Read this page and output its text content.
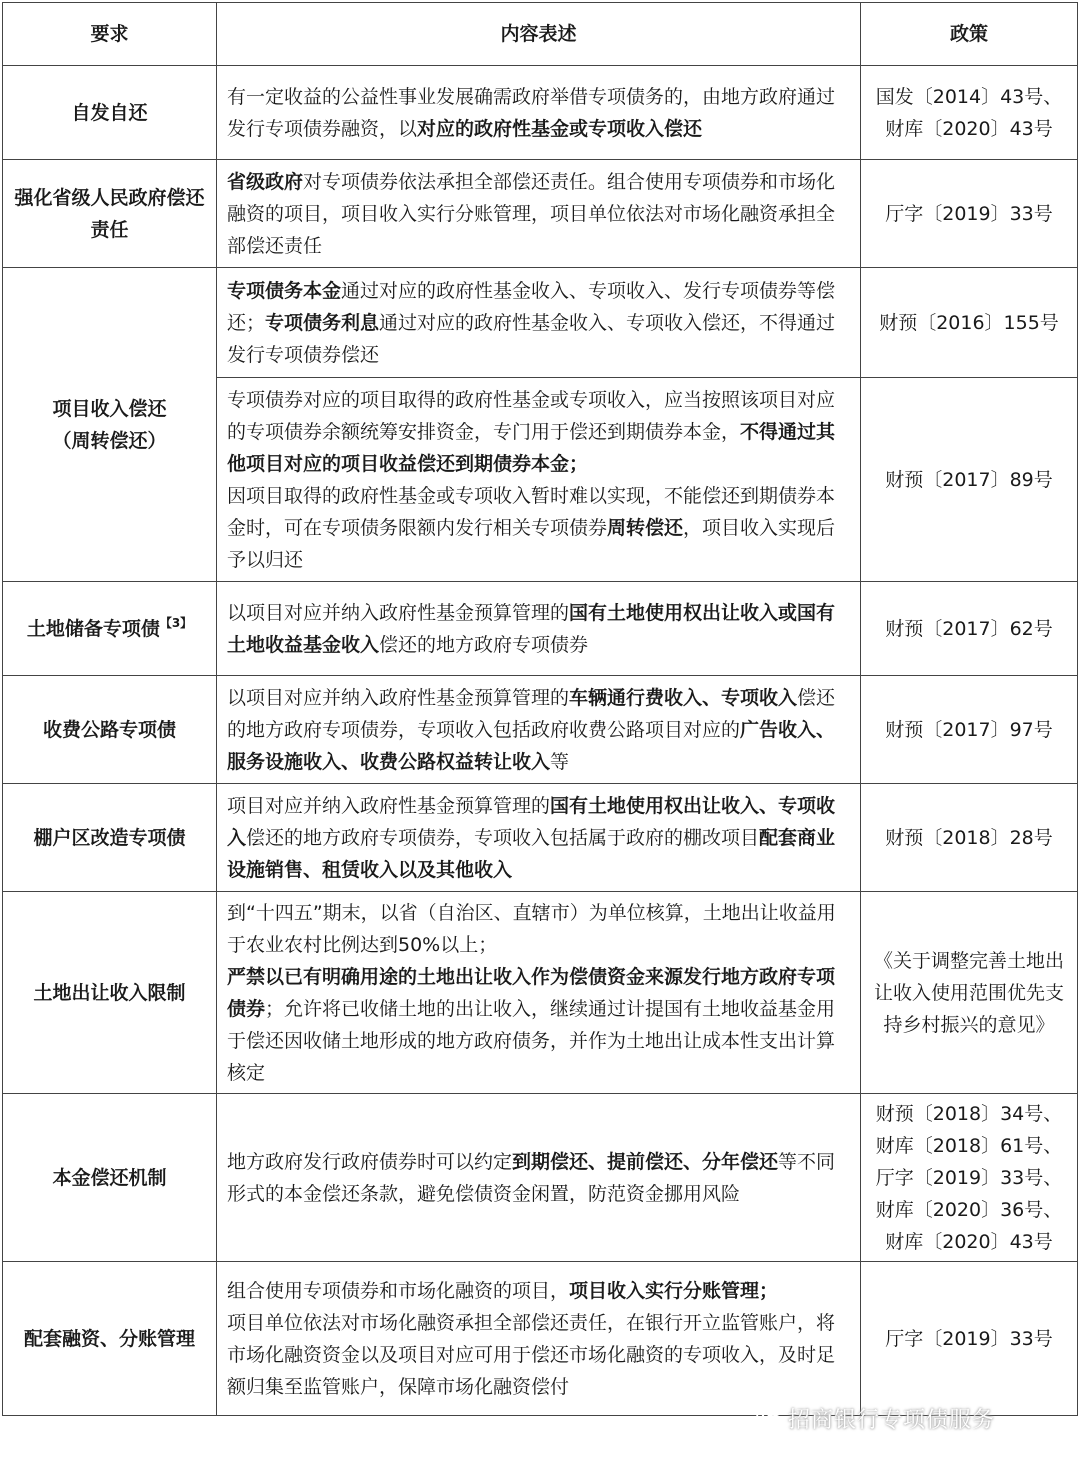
要求	内容表述	政策
自发自还	有一定收益的公益性事业发展确需政府举借专项债务的，由地方政府通过发行专项债券融资，以对应的政府性基金或专项收入偿还	国发〔2014〕43号、
财库〔2020〕43号

强化省级人民政府偿还责任	省级政府对专项债券依法承担全部偿还责任。组合使用专项债券和市场化融资的项目，项目收入实行分账管理，项目单位依法对市场化融资承担全部偿还责任	厅字〔2019〕33号

项目收入偿还
（周转偿还）	专项债务本金通过对应的政府性基金收入、专项收入、发行专项债券等偿还；专项债务利息通过对应的政府性基金收入、专项收入偿还，不得通过发行专项债券偿还	财预〔2016〕155号

	专项债券对应的项目取得的政府性基金或专项收入，应当按照该项目对应的专项债券余额统筹安排资金，专门用于偿还到期债券本金，不得通过其他项目对应的项目收益偿还到期债券本金；
因项目取得的政府性基金或专项收入暂时难以实现，不能偿还到期债券本金时，可在专项债务限额内发行相关专项债券周转偿还，项目收入实现后予以归还	财预〔2017〕89号

土地储备专项债$^{【3】}$	以项目对应并纳入政府性基金预算管理的国有土地使用权出让收入或国有土地收益基金收入偿还的地方政府专项债券	财预〔2017〕62号

收费公路专项债	以项目对应并纳入政府性基金预算管理的车辆通行费收入、专项收入偿还的地方政府专项债券，专项收入包括政府收费公路项目对应的广告收入、服务设施收入、收费公路权益转让收入等	财预〔2017〕97号

棚户区改造专项债	项目对应并纳入政府性基金预算管理的国有土地使用权出让收入、专项收入偿还的地方政府专项债券，专项收入包括属于政府的棚改项目配套商业设施销售、租赁收入以及其他收入	财预〔2018〕28号

土地出让收入限制	到“十四五”期末，以省（自治区、直辖市）为单位核算，土地出让收益用于农业农村比例达到50%以上；
严禁以已有明确用途的土地出让收入作为偿债资金来源发行地方政府专项债券；允许将已收储土地的出让收入，继续通过计提国有土地收益基金用于偿还因收储土地形成的地方政府债务，并作为土地出让成本性支出计算核定	《关于调整完善土地出让收入使用范围优先支持乡村振兴的意见》

本金偿还机制	地方政府发行政府债券时可以约定到期偿还、提前偿还、分年偿还等不同形式的本金偿还条款，避免偿债资金闲置，防范资金挪用风险	财预〔2018〕34号、
财库〔2018〕61号、
厅字〔2019〕33号、
财库〔2020〕36号、
财库〔2020〕43号

配套融资、分账管理	组合使用专项债券和市场化融资的项目，项目收入实行分账管理；
项目单位依法对市场化融资承担全部偿还责任，在银行开立监管账户，将市场化融资资金以及项目对应可用于偿还市场化融资的专项收入，及时足额归集至监管账户，保障市场化融资偿付	厅字〔2019〕33号
招商银行专项债服务
